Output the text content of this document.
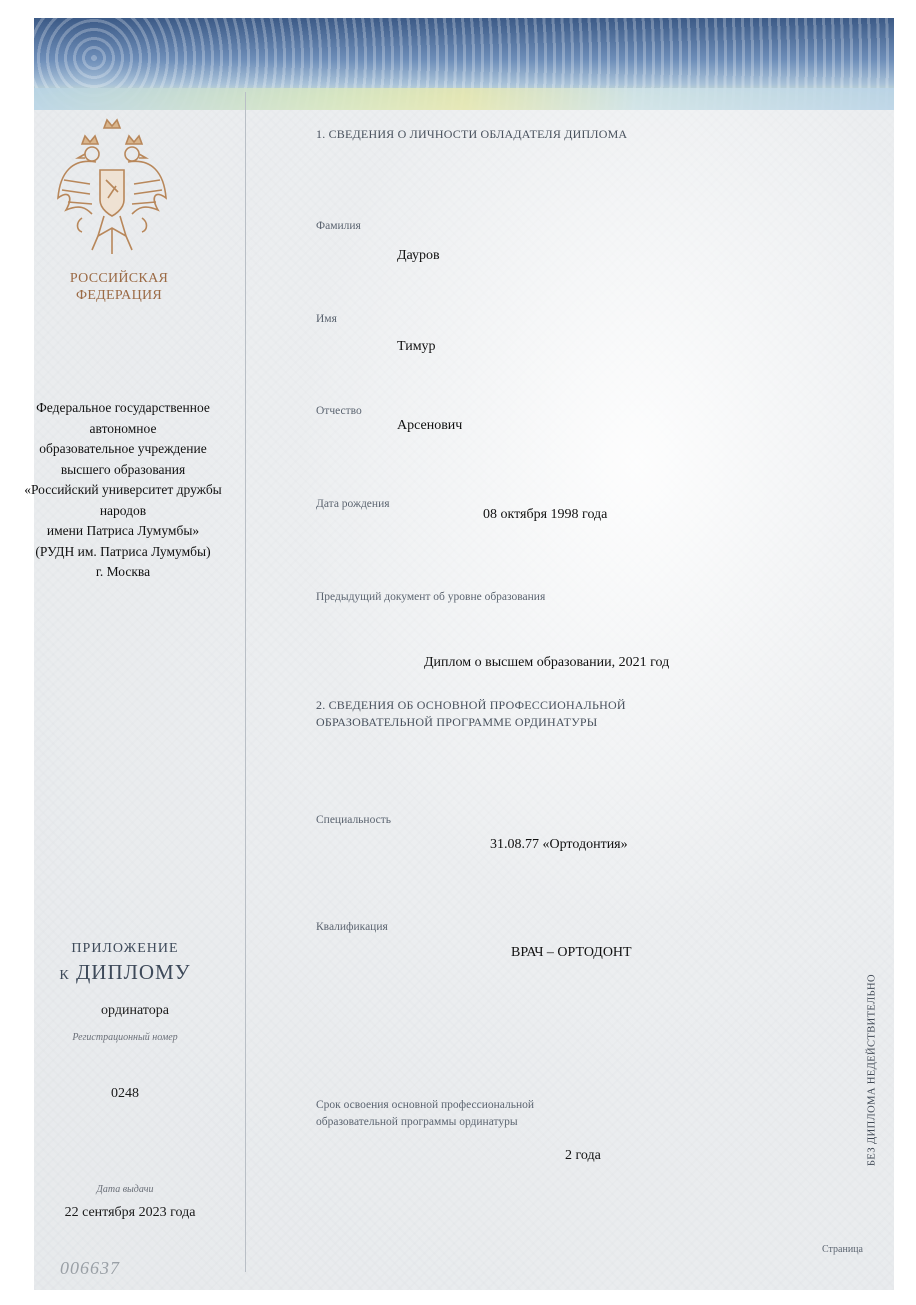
РОССИЙСКАЯ
ФЕДЕРАЦИЯ
Федеральное государственное
автономное
образовательное учреждение
высшего образования
«Российский университет дружбы
народов
имени Патриса Лумумбы»
(РУДН им. Патриса Лумумбы)
г. Москва
ПРИЛОЖЕНИЕ
К ДИПЛОМУ
ординатора
Регистрационный номер
0248
Дата выдачи
22 сентября 2023 года
006637
1. СВЕДЕНИЯ О ЛИЧНОСТИ ОБЛАДАТЕЛЯ ДИПЛОМА
Фамилия
Дауров
Имя
Тимур
Отчество
Арсенович
Дата рождения
08 октября 1998 года
Предыдущий документ об уровне образования
Диплом о высшем образовании, 2021 год
2. СВЕДЕНИЯ ОБ ОСНОВНОЙ ПРОФЕССИОНАЛЬНОЙ
ОБРАЗОВАТЕЛЬНОЙ ПРОГРАММЕ ОРДИНАТУРЫ
Специальность
31.08.77 «Ортодонтия»
Квалификация
ВРАЧ – ОРТОДОНТ
Срок освоения основной профессиональной
образовательной программы ординатуры
2 года	БЕЗ ДИПЛОМА НЕДЕЙСТВИТЕЛЬНО
Страница
